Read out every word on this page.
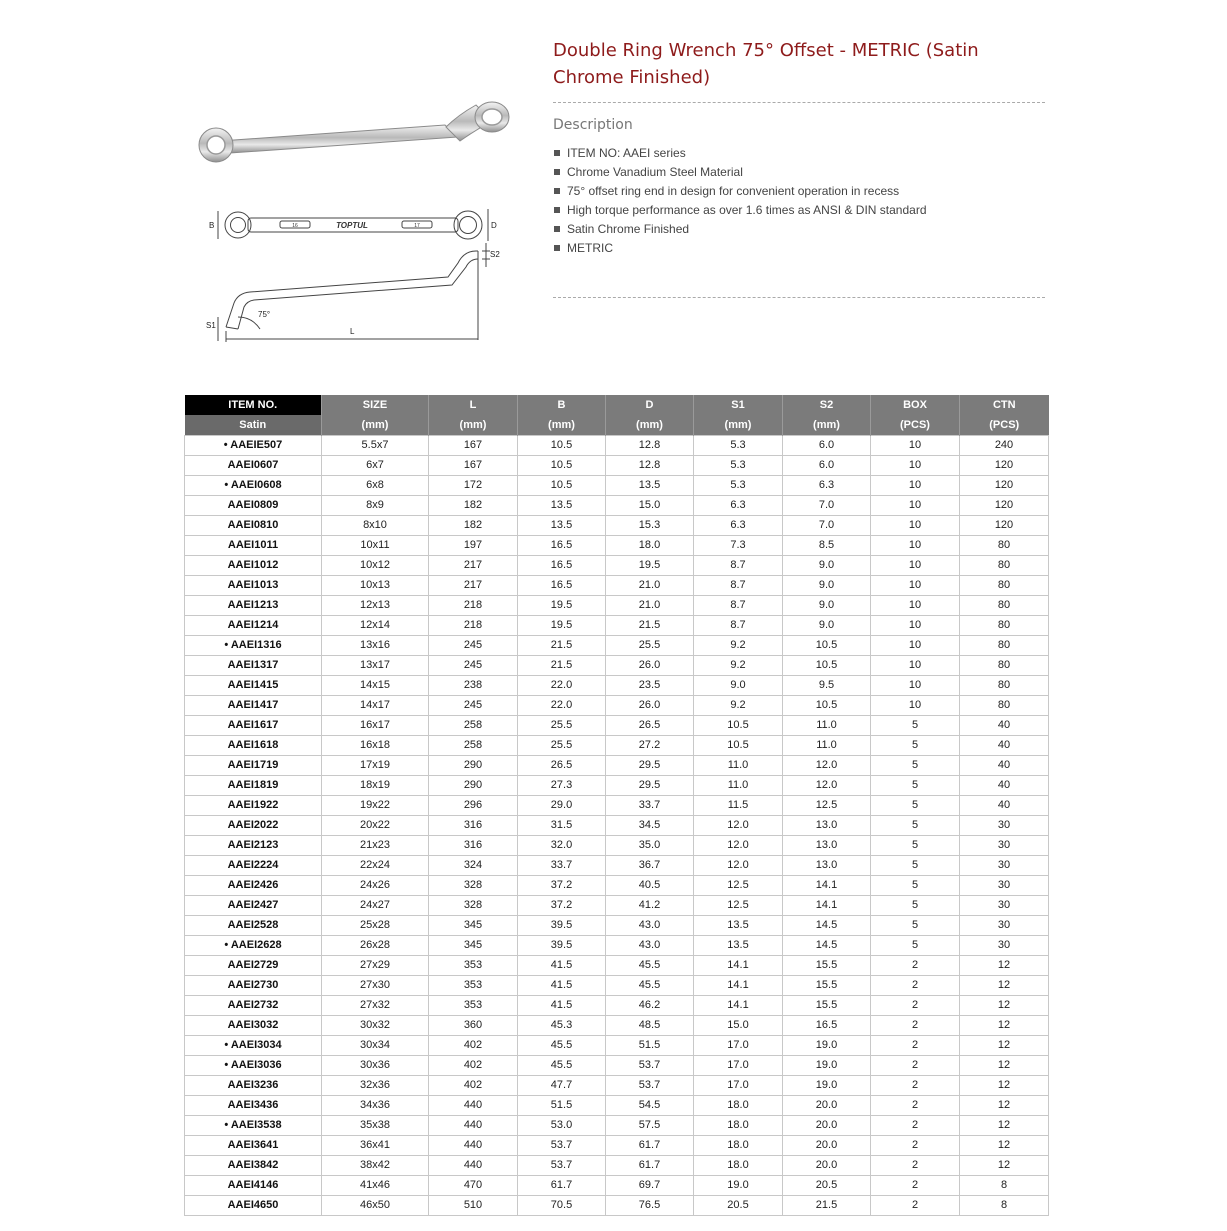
TOPTUL
16	17
B	D
S2
S1
L
75°
Double Ring Wrench 75° Offset - METRIC (Satin Chrome Finished)
Description
ITEM NO: AAEI series
Chrome Vanadium Steel Material
75° offset ring end in design for convenient operation in recess
High torque performance as over 1.6 times as ANSI & DIN standard
Satin Chrome Finished
METRIC
ITEM NO.	SIZE	L	B	D	S1	S2	BOX	CTN
Satin	(mm)	(mm)	(mm)	(mm)	(mm)	(mm)	(PCS)	(PCS)
• AAEIE507	5.5x7	167	10.5	12.8	5.3	6.0	10	240
AAEI0607	6x7	167	10.5	12.8	5.3	6.0	10	120
• AAEI0608	6x8	172	10.5	13.5	5.3	6.3	10	120
AAEI0809	8x9	182	13.5	15.0	6.3	7.0	10	120
AAEI0810	8x10	182	13.5	15.3	6.3	7.0	10	120
AAEI1011	10x11	197	16.5	18.0	7.3	8.5	10	80
AAEI1012	10x12	217	16.5	19.5	8.7	9.0	10	80
AAEI1013	10x13	217	16.5	21.0	8.7	9.0	10	80
AAEI1213	12x13	218	19.5	21.0	8.7	9.0	10	80
AAEI1214	12x14	218	19.5	21.5	8.7	9.0	10	80
• AAEI1316	13x16	245	21.5	25.5	9.2	10.5	10	80
AAEI1317	13x17	245	21.5	26.0	9.2	10.5	10	80
AAEI1415	14x15	238	22.0	23.5	9.0	9.5	10	80
AAEI1417	14x17	245	22.0	26.0	9.2	10.5	10	80
AAEI1617	16x17	258	25.5	26.5	10.5	11.0	5	40
AAEI1618	16x18	258	25.5	27.2	10.5	11.0	5	40
AAEI1719	17x19	290	26.5	29.5	11.0	12.0	5	40
AAEI1819	18x19	290	27.3	29.5	11.0	12.0	5	40
AAEI1922	19x22	296	29.0	33.7	11.5	12.5	5	40
AAEI2022	20x22	316	31.5	34.5	12.0	13.0	5	30
AAEI2123	21x23	316	32.0	35.0	12.0	13.0	5	30
AAEI2224	22x24	324	33.7	36.7	12.0	13.0	5	30
AAEI2426	24x26	328	37.2	40.5	12.5	14.1	5	30
AAEI2427	24x27	328	37.2	41.2	12.5	14.1	5	30
AAEI2528	25x28	345	39.5	43.0	13.5	14.5	5	30
• AAEI2628	26x28	345	39.5	43.0	13.5	14.5	5	30
AAEI2729	27x29	353	41.5	45.5	14.1	15.5	2	12
AAEI2730	27x30	353	41.5	45.5	14.1	15.5	2	12
AAEI2732	27x32	353	41.5	46.2	14.1	15.5	2	12
AAEI3032	30x32	360	45.3	48.5	15.0	16.5	2	12
• AAEI3034	30x34	402	45.5	51.5	17.0	19.0	2	12
• AAEI3036	30x36	402	45.5	53.7	17.0	19.0	2	12
AAEI3236	32x36	402	47.7	53.7	17.0	19.0	2	12
AAEI3436	34x36	440	51.5	54.5	18.0	20.0	2	12
• AAEI3538	35x38	440	53.0	57.5	18.0	20.0	2	12
AAEI3641	36x41	440	53.7	61.7	18.0	20.0	2	12
AAEI3842	38x42	440	53.7	61.7	18.0	20.0	2	12
AAEI4146	41x46	470	61.7	69.7	19.0	20.5	2	8
AAEI4650	46x50	510	70.5	76.5	20.5	21.5	2	8
